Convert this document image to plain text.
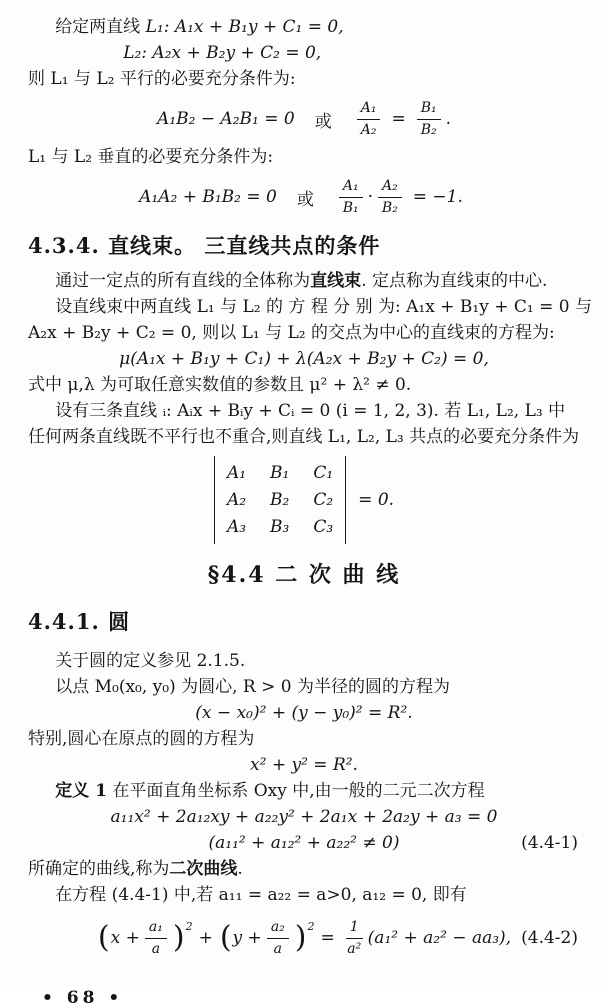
给定两直线 L₁: A₁x + B₁y + C₁ = 0,
L₂: A₂x + B₂y + C₂ = 0,
则 L₁ 与 L₂ 平行的必要充分条件为:
A₁B₂ − A₂B₁ = 0 或 $\frac{\text{A₁}}{\text{A₂}} = \frac{\text{B₁}}{\text{B₂}}$ .
L₁ 与 L₂ 垂直的必要充分条件为:
A₁A₂ + B₁B₂ = 0 或 $\frac{\text{A₁}}{\text{B₁}} \cdot \frac{\text{A₂}}{\text{B₂}} = -1$.
4.3.4. 直线束。 三直线共点的条件
通过一定点的所有直线的全体称为直线束. 定点称为直线束的中心.
设直线束中两直线 L₁ 与 L₂ 的 方 程 分 别 为: A₁x + B₁y + C₁ = 0 与
A₂x + B₂y + C₂ = 0, 则以 L₁ 与 L₂ 的交点为中心的直线束的方程为:
μ(A₁x + B₁y + C₁) + λ(A₂x + B₂y + C₂) = 0,
式中 μ,λ 为可取任意实数值的参数且 μ² + λ² ≠ 0.
设有三条直线 ᵢ: Aᵢx + Bᵢy + Cᵢ = 0 (i = 1, 2, 3). 若 L₁, L₂, L₃ 中
任何两条直线既不平行也不重合,则直线 L₁, L₂, L₃ 共点的必要充分条件为
A₁ B₁ C₁
A₂ B₂ C₂
A₃ B₃ C₃
= 0.
§4.4 二 次 曲 线
4.4.1. 圆
关于圆的定义参见 2.1.5.
以点 M₀(x₀, y₀) 为圆心, R > 0 为半径的圆的方程为
(x − x₀)² + (y − y₀)² = R².
特别,圆心在原点的圆的方程为
x² + y² = R².
定义 1 在平面直角坐标系 Oxy 中,由一般的二元二次方程
a₁₁x² + 2a₁₂xy + a₂₂y² + 2a₁x + 2a₂y + a₃ = 0
(a₁₁² + a₁₂² + a₂₂² ≠ 0)	(4.4-1)
所确定的曲线,称为二次曲线.
在方程 (4.4-1) 中,若 a₁₁ = a₂₂ = a>0, a₁₂ = 0, 即有
( $x + \frac{\text{a₁}}{a}$ ) 2
+ ( $y + \frac{\text{a₂}}{a}$ ) 2
= $\frac{1}{\text{a²}} (a_1^2 + a_2^2 - aa_3)$, (4.4-2)
• 68 •
